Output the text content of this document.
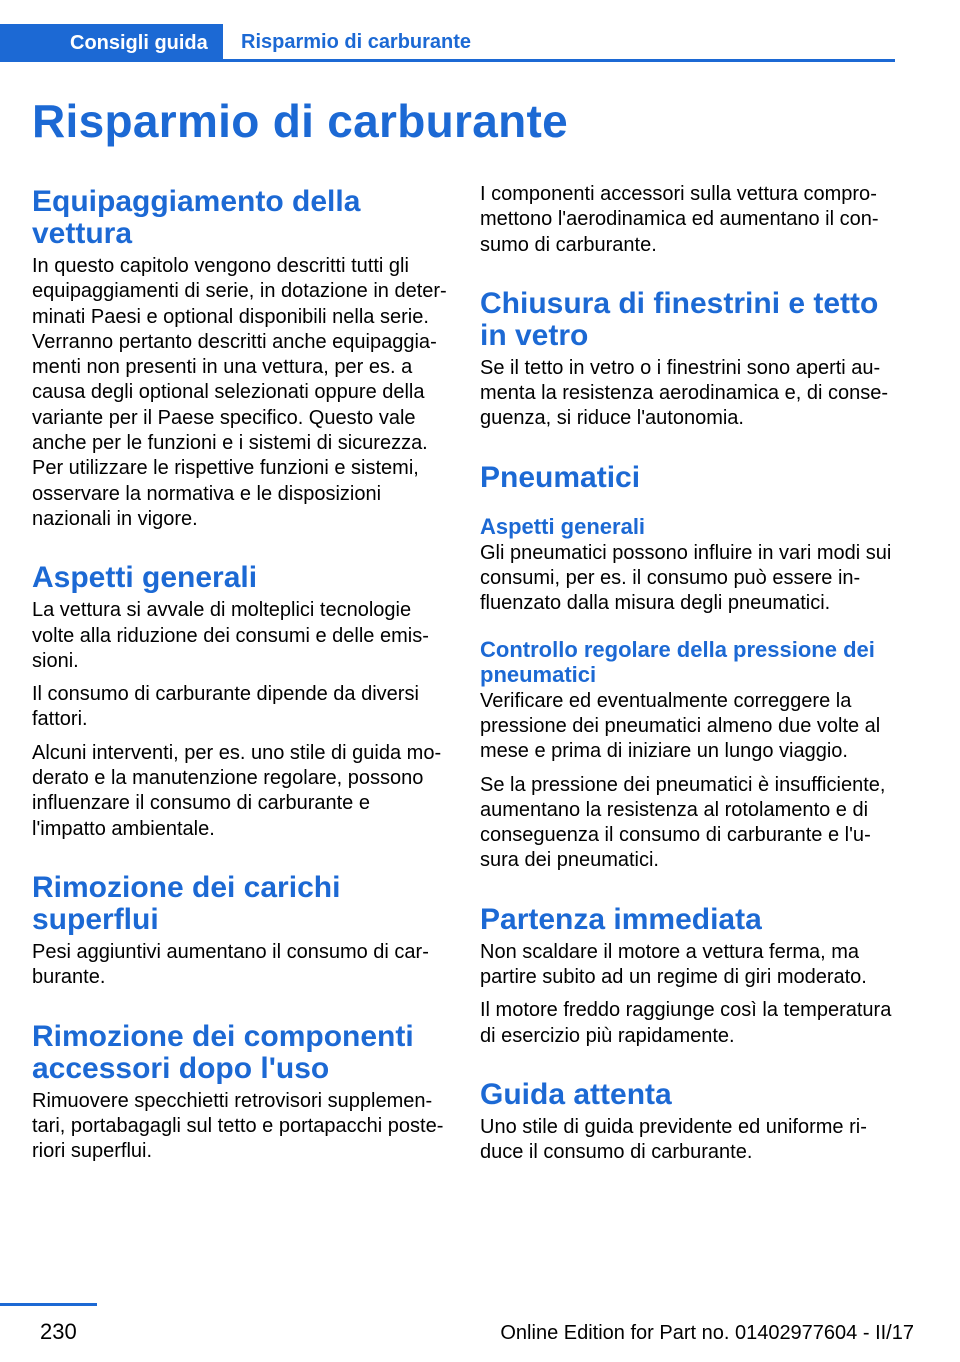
Consigli guida	Risparmio di carburante
Risparmio di carburante
Equipaggiamento della vettura

In questo capitolo vengono descritti tutti gli equipaggiamenti di serie, in dotazione in determinati Paesi e optional disponibili nella serie. Verranno pertanto descritti anche equipaggiamenti non presenti in una vettura, per es. a causa degli optional selezionati oppure della variante per il Paese specifico. Questo vale anche per le funzioni e i sistemi di sicurezza. Per utilizzare le rispettive funzioni e sistemi, osservare la normativa e le disposizioni nazionali in vigore.

Aspetti generali

La vettura si avvale di molteplici tecnologie volte alla riduzione dei consumi e delle emissioni.

Il consumo di carburante dipende da diversi fattori.

Alcuni interventi, per es. uno stile di guida moderato e la manutenzione regolare, possono influenzare il consumo di carburante e l'impatto ambientale.

Rimozione dei carichi superflui

Pesi aggiuntivi aumentano il consumo di carburante.

Rimozione dei componenti accessori dopo l'uso

Rimuovere specchietti retrovisori supplementari, portabagagli sul tetto e portapacchi posteriori superflui.

I componenti accessori sulla vettura compromettono l'aerodinamica ed aumentano il consumo di carburante.

Chiusura di finestrini e tetto in vetro

Se il tetto in vetro o i finestrini sono aperti aumenta la resistenza aerodinamica e, di conseguenza, si riduce l'autonomia.

Pneumatici
Aspetti generali

Gli pneumatici possono influire in vari modi sui consumi, per es. il consumo può essere influenzato dalla misura degli pneumatici.

Controllo regolare della pressione dei pneumatici

Verificare ed eventualmente correggere la pressione dei pneumatici almeno due volte al mese e prima di iniziare un lungo viaggio.

Se la pressione dei pneumatici è insufficiente, aumentano la resistenza al rotolamento e di conseguenza il consumo di carburante e l'usura dei pneumatici.

Partenza immediata

Non scaldare il motore a vettura ferma, ma partire subito ad un regime di giri moderato.

Il motore freddo raggiunge così la temperatura di esercizio più rapidamente.

Guida attenta

Uno stile di guida previdente ed uniforme riduce il consumo di carburante.

230	Online Edition for Part no. 01402977604 - II/17
